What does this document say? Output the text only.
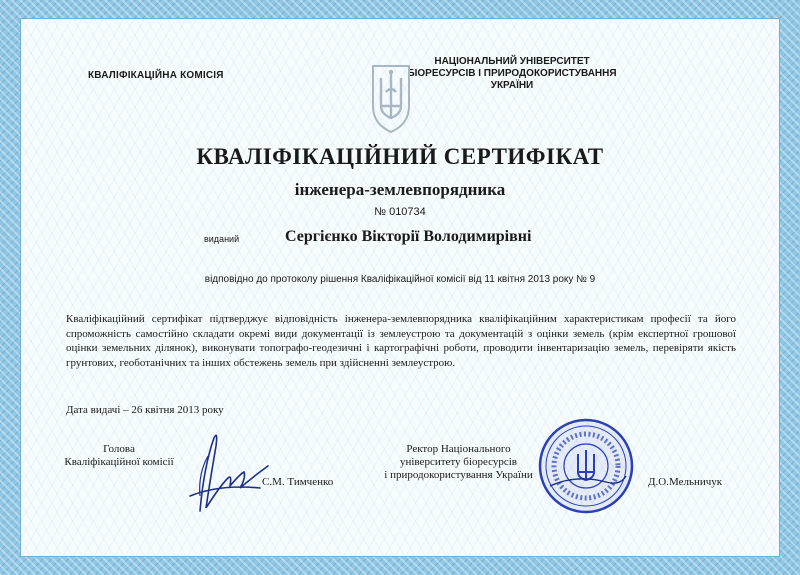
КВАЛІФІКАЦІЙНА КОМІСІЯ
НАЦІОНАЛЬНИЙ УНІВЕРСИТЕТ
БІОРЕСУРСІВ І ПРИРОДОКОРИСТУВАННЯ
УКРАЇНИ
КВАЛІФІКАЦІЙНИЙ СЕРТИФІКАТ
інженера-землевпорядника
№ 010734
виданий	Сергієнко Вікторії Володимирівні
відповідно до протоколу рішення Кваліфікаційної комісії від 11 квітня 2013 року № 9
Кваліфікаційний сертифікат підтверджує відповідність інженера-землевпорядника кваліфікаційним характеристикам професії та його спроможність самостійно складати окремі види документації із землеустрою та документацій з оцінки земель (крім експертної грошової оцінки земельних ділянок), виконувати топографо-геодезичні і картографічні роботи, проводити інвентаризацію земель, перевіряти якість грунтових, геоботанічних та інших обстежень земель при здійсненні землеустрою.
Дата видачі – 26 квітня 2013 року
Голова
Кваліфікаційної комісії
С.М. Тимченко
Ректор Національного
університету біоресурсів
і природокористування України
Д.О.Мельничук
